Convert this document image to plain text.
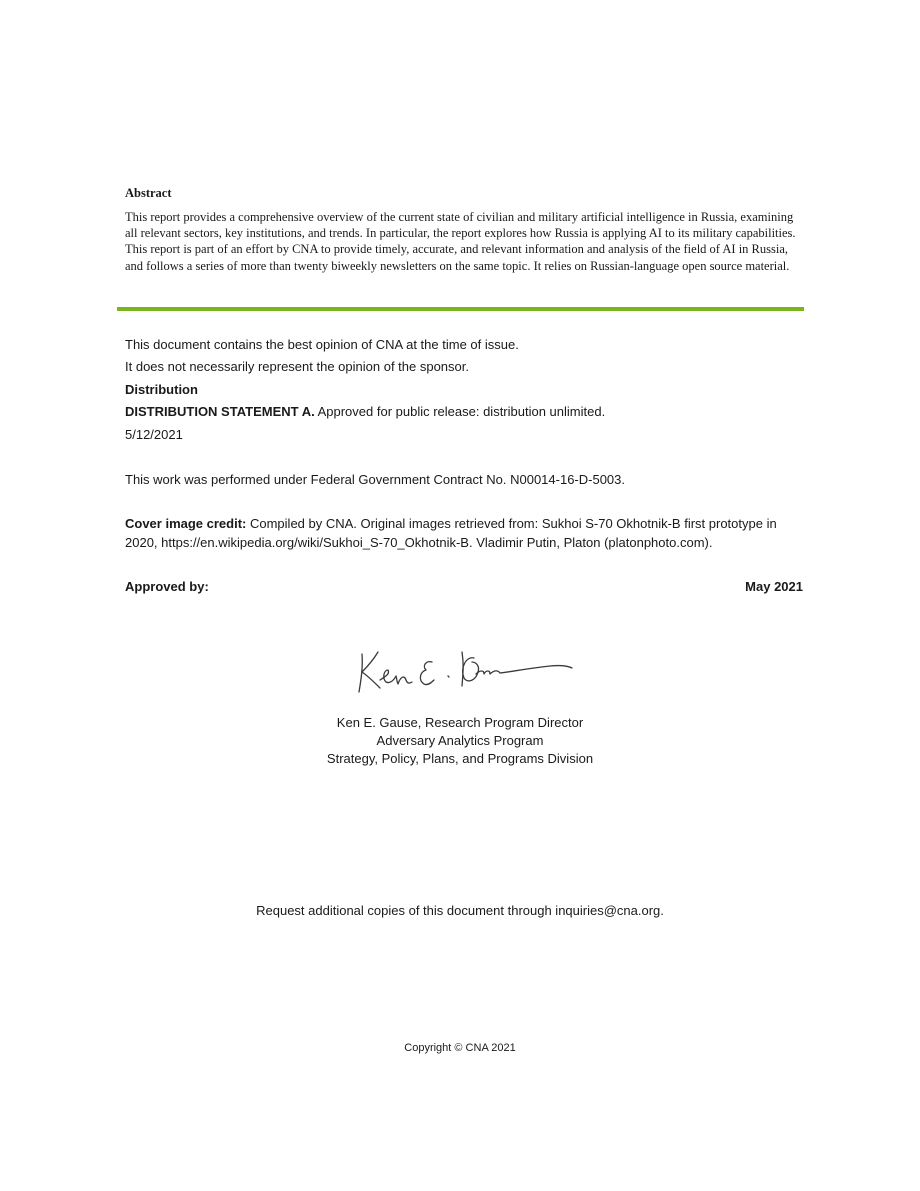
Abstract
This report provides a comprehensive overview of the current state of civilian and military artificial intelligence in Russia, examining all relevant sectors, key institutions, and trends. In particular, the report explores how Russia is applying AI to its military capabilities. This report is part of an effort by CNA to provide timely, accurate, and relevant information and analysis of the field of AI in Russia, and follows a series of more than twenty biweekly newsletters on the same topic. It relies on Russian-language open source material.
This document contains the best opinion of CNA at the time of issue.
It does not necessarily represent the opinion of the sponsor.
Distribution
DISTRIBUTION STATEMENT A. Approved for public release: distribution unlimited.
5/12/2021
This work was performed under Federal Government Contract No. N00014-16-D-5003.
Cover image credit: Compiled by CNA. Original images retrieved from: Sukhoi S-70 Okhotnik-B first prototype in 2020, https://en.wikipedia.org/wiki/Sukhoi_S-70_Okhotnik-B. Vladimir Putin, Platon (platonphoto.com).
Approved by:	May 2021
Ken E. Gause, Research Program Director
Adversary Analytics Program
Strategy, Policy, Plans, and Programs Division
Request additional copies of this document through inquiries@cna.org.
Copyright © CNA 2021
